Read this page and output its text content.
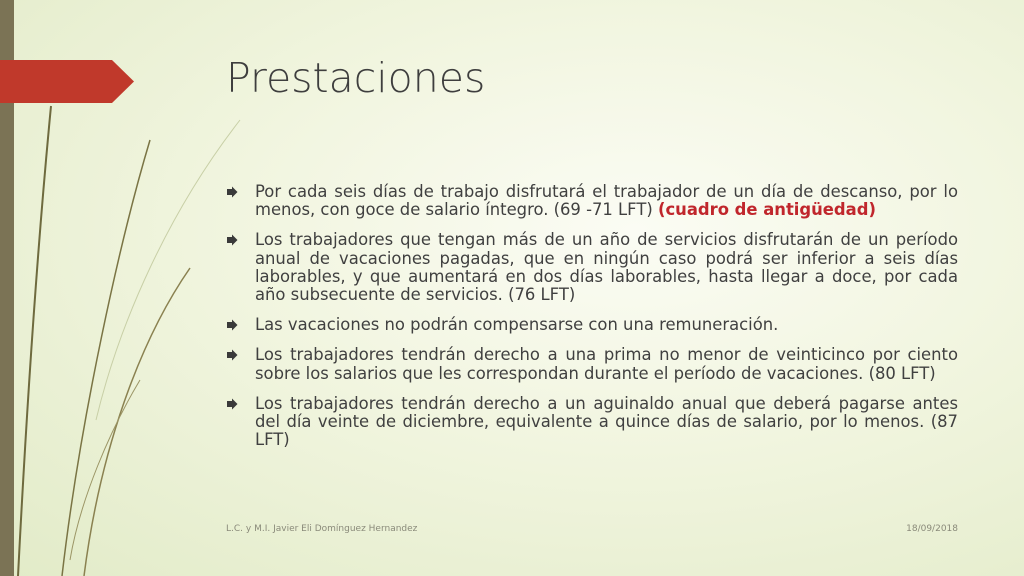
Prestaciones
Por cada seis días de trabajo disfrutará el trabajador de un día de descanso, por lo menos, con goce de salario íntegro. (69 -71 LFT) (cuadro de antigüedad)
Los trabajadores que tengan más de un año de servicios disfrutarán de un período anual de vacaciones pagadas, que en ningún caso podrá ser inferior a seis días laborables, y que aumentará en dos días laborables, hasta llegar a doce, por cada año subsecuente de servicios. (76 LFT)
Las vacaciones no podrán compensarse con una remuneración.
Los trabajadores tendrán derecho a una prima no menor de veinticinco por ciento sobre los salarios que les correspondan durante el período de vacaciones. (80 LFT)
Los trabajadores tendrán derecho a un aguinaldo anual que deberá pagarse antes del día veinte de diciembre, equivalente a quince días de salario, por lo menos. (87 LFT)
L.C. y M.I. Javier Eli Domínguez Hernandez	18/09/2018
